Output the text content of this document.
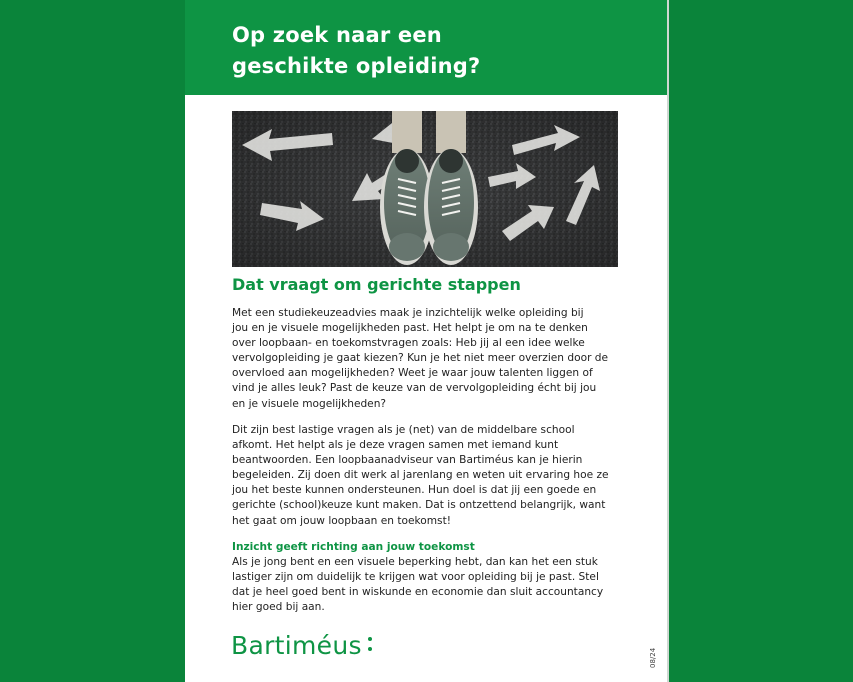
Op zoek naar een
geschikte opleiding?
Dat vraagt om gerichte stappen

Met een studiekeuzeadvies maak je inzichtelijk welke opleiding bij
jou en je visuele mogelijkheden past. Het helpt je om na te denken
over loopbaan- en toekomstvragen zoals: Heb jij al een idee welke
vervolgopleiding je gaat kiezen? Kun je het niet meer overzien door de
overvloed aan mogelijkheden? Weet je waar jouw talenten liggen of
vind je alles leuk? Past de keuze van de vervolgopleiding écht bij jou
en je visuele mogelijkheden?

Dit zijn best lastige vragen als je (net) van de middelbare school
afkomt. Het helpt als je deze vragen samen met iemand kunt
beantwoorden. Een loopbaanadviseur van Bartiméus kan je hierin
begeleiden. Zij doen dit werk al jarenlang en weten uit ervaring hoe ze
jou het beste kunnen ondersteunen. Hun doel is dat jij een goede en
gerichte (school)keuze kunt maken. Dat is ontzettend belangrijk, want
het gaat om jouw loopbaan en toekomst!

Inzicht geeft richting aan jouw toekomst

Als je jong bent en een visuele beperking hebt, dan kan het een stuk
lastiger zijn om duidelijk te krijgen wat voor opleiding bij je past. Stel
dat je heel goed bent in wiskunde en economie dan sluit accountancy
hier goed bij aan.

Bartiméus	08/24
